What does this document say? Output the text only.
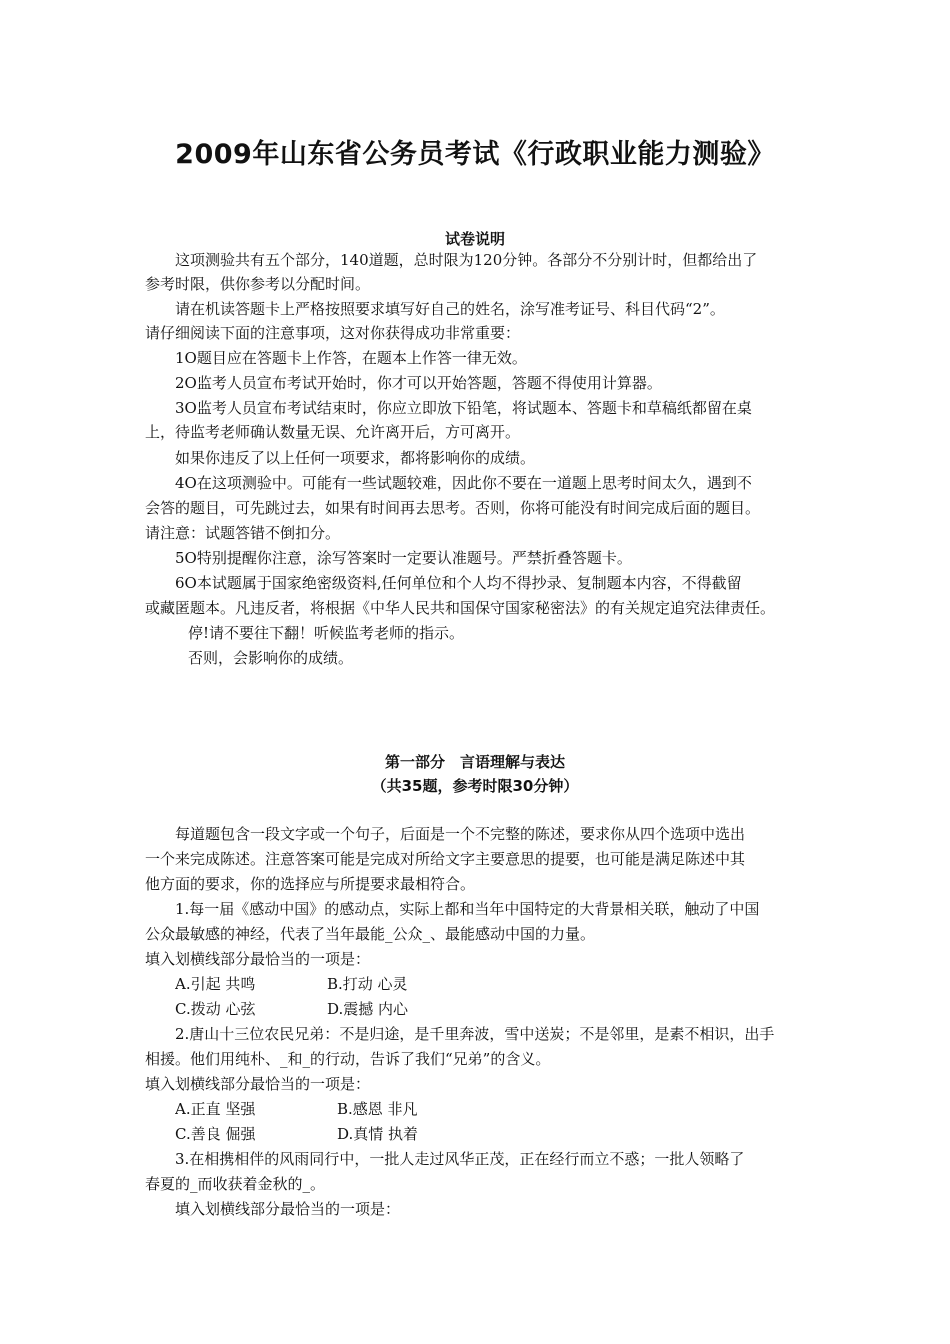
2009年山东省公务员考试《行政职业能力测验》
试卷说明
这项测验共有五个部分，140道题，总时限为120分钟。各部分不分别计时，但都给出了
参考时限，供你参考以分配时间。
请在机读答题卡上严格按照要求填写好自己的姓名，涂写准考证号、科目代码“2”。
请仔细阅读下面的注意事项，这对你获得成功非常重要：
1O题目应在答题卡上作答，在题本上作答一律无效。
2O监考人员宣布考试开始时，你才可以开始答题，答题不得使用计算器。
3O监考人员宣布考试结束时，你应立即放下铅笔，将试题本、答题卡和草稿纸都留在桌
上，待监考老师确认数量无误、允许离开后，方可离开。
如果你违反了以上任何一项要求，都将影响你的成绩。
4O在这项测验中。可能有一些试题较难，因此你不要在一道题上思考时间太久，遇到不
会答的题目，可先跳过去，如果有时间再去思考。否则，你将可能没有时间完成后面的题目。
请注意：试题答错不倒扣分。
5O特别提醒你注意，涂写答案时一定要认准题号。严禁折叠答题卡。
6O本试题属于国家绝密级资料,任何单位和个人均不得抄录、复制题本内容，不得截留
或藏匿题本。凡违反者，将根据《中华人民共和国保守国家秘密法》的有关规定追究法律责任。
停!请不要往下翻！听候监考老师的指示。
否则，会影响你的成绩。
第一部分　言语理解与表达
（共35题，参考时限30分钟）
每道题包含一段文字或一个句子，后面是一个不完整的陈述，要求你从四个选项中选出
一个来完成陈述。注意答案可能是完成对所给文字主要意思的提要，也可能是满足陈述中其
他方面的要求，你的选择应与所提要求最相符合。
1.每一届《感动中国》的感动点，实际上都和当年中国特定的大背景相关联，触动了中国
公众最敏感的神经，代表了当年最能_公众_、最能感动中国的力量。
填入划横线部分最恰当的一项是：
A.引起 共鸣	B.打动 心灵
C.拨动 心弦	D.震撼 内心
2.唐山十三位农民兄弟：不是归途，是千里奔波，雪中送炭；不是邻里，是素不相识，出手
相援。他们用纯朴、_和_的行动，告诉了我们“兄弟”的含义。
填入划横线部分最恰当的一项是：
A.正直 坚强	B.感恩 非凡
C.善良 倔强	D.真情 执着
3.在相携相伴的风雨同行中，一批人走过风华正茂，正在经行而立不惑；一批人领略了
春夏的_而收获着金秋的_。
填入划横线部分最恰当的一项是：
